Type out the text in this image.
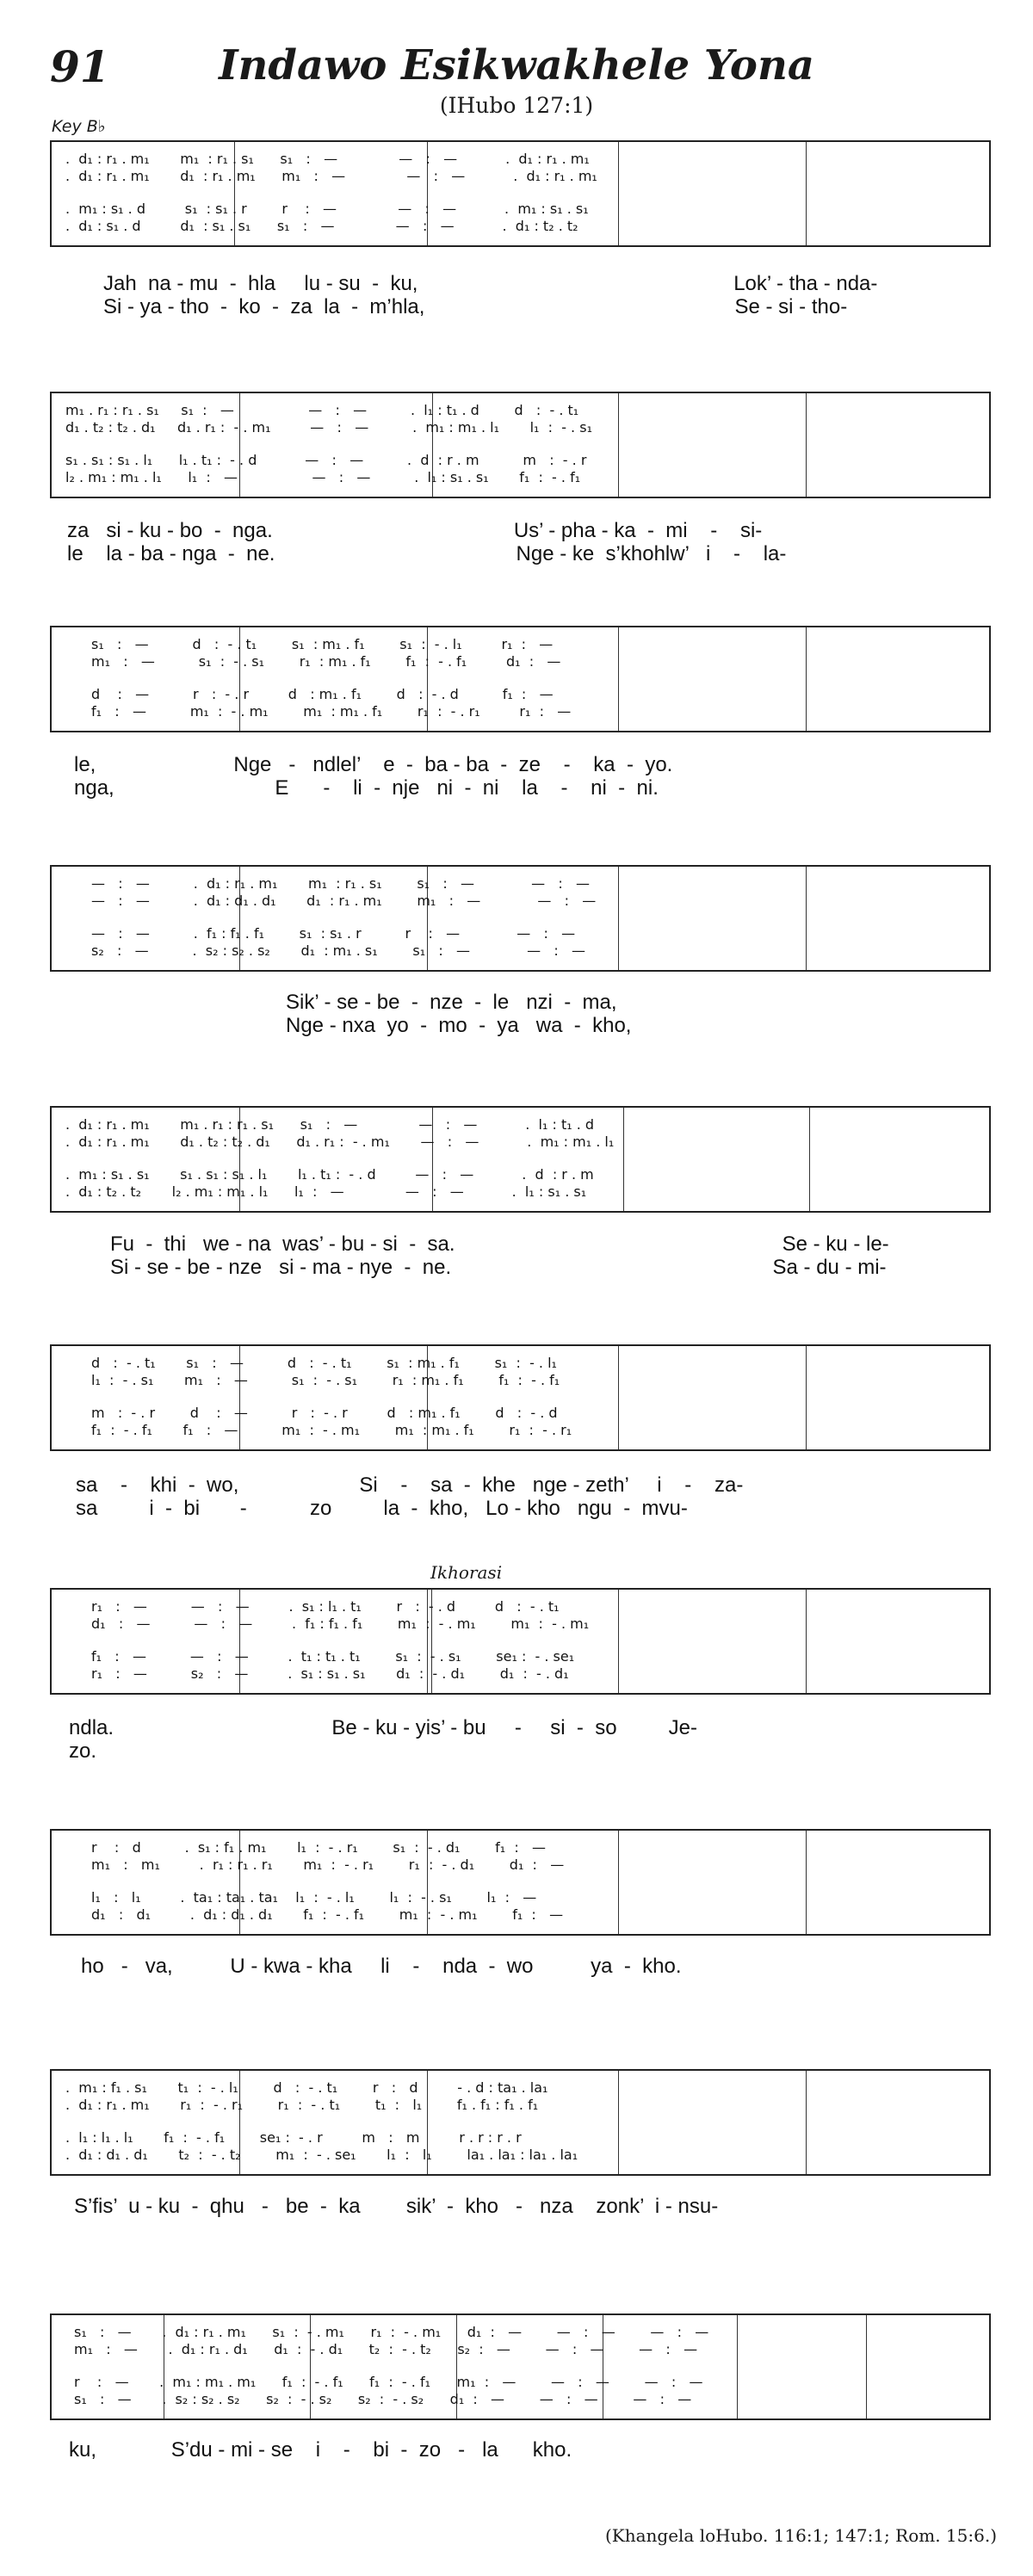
91	Indawo Esikwakhele Yona
(IHubo 127:1)
Key B♭
.  d₁ : r₁ . m₁       m₁  : r₁ . s₁      s₁   :   —              —   :   —           .  d₁ : r₁ . m₁
.  d₁ : r₁ . m₁       d₁  : r₁ . m₁      m₁   :   —              —   :   —           .  d₁ : r₁ . m₁
.  m₁ : s₁ . d         s₁  : s₁ . r        r    :   —              —   :   —           .  m₁ : s₁ . s₁
.  d₁ : s₁ . d         d₁  : s₁ . s₁      s₁   :   —              —   :   —           .  d₁ : t₂ . t₂
Jah  na - mu  -  hla     lu - su  -  ku,                                                       Lok’ - tha - nda-
Si - ya - tho  -  ko  -  za  la  -  m’hla,                                                      Se - si - tho-
m₁ . r₁ : r₁ . s₁     s₁  :   —                 —   :   —          .  l₁ : t₁ . d        d   :  - . t₁
d₁ . t₂ : t₂ . d₁     d₁ . r₁ :  - . m₁         —   :   —          .  m₁ : m₁ . l₁       l₁  :  - . s₁
s₁ . s₁ : s₁ . l₁      l₁ . t₁ :  - . d           —   :   —          .  d  : r . m          m   :  - . r
l₂ . m₁ : m₁ . l₁      l₁  :   —                 —   :   —          .  l₁ : s₁ . s₁       f₁  :  - . f₁
za   si - ku - bo  -  nga.                                          Us’ - pha - ka  -  mi    -    si-
le    la - ba - nga  -  ne.                                          Nge - ke  s’khohlw’   i    -    la-
s₁   :   —          d   :  - . t₁        s₁  : m₁ . f₁        s₁  :  - . l₁         r₁  :   —
m₁   :   —          s₁  :  - . s₁        r₁  : m₁ . f₁        f₁  :  - . f₁         d₁  :   —
d    :   —          r   :  - . r         d   : m₁ . f₁        d   :  - . d          f₁  :   —
f₁   :   —          m₁  :  - . m₁        m₁  : m₁ . f₁        r₁  :  - . r₁         r₁  :   —
le,                        Nge   -   ndlel’    e  -  ba - ba  -  ze    -    ka  -  yo.
nga,                            E      -    li  -  nje   ni  -  ni    la    -    ni  -  ni.
—   :   —          .  d₁ : r₁ . m₁       m₁  : r₁ . s₁        s₁   :   —             —   :   —
—   :   —          .  d₁ : d₁ . d₁       d₁  : r₁ . m₁        m₁   :   —             —   :   —
—   :   —          .  f₁ : f₁ . f₁        s₁  : s₁ . r          r    :   —             —   :   —
s₂   :   —          .  s₂ : s₂ . s₂       d₁  : m₁ . s₁        s₁   :   —             —   :   —
Sik’ - se - be  -  nze  -  le   nzi  -  ma,
Nge - nxa  yo  -  mo  -  ya   wa  -  kho,
.  d₁ : r₁ . m₁       m₁ . r₁ : r₁ . s₁      s₁   :   —              —   :   —           .  l₁ : t₁ . d
.  d₁ : r₁ . m₁       d₁ . t₂ : t₂ . d₁      d₁ . r₁ :  - . m₁       —   :   —           .  m₁ : m₁ . l₁
.  m₁ : s₁ . s₁       s₁ . s₁ : s₁ . l₁       l₁ . t₁ :  - . d         —   :   —           .  d  : r . m
.  d₁ : t₂ . t₂       l₂ . m₁ : m₁ . l₁      l₁  :   —              —   :   —           .  l₁ : s₁ . s₁
Fu  -  thi   we - na  was’ - bu - si  -  sa.                                                         Se - ku - le-
Si - se - be - nze   si - ma - nye  -  ne.                                                        Sa - du - mi-
d   :  - . t₁       s₁   :   —          d   :  - . t₁        s₁  : m₁ . f₁        s₁  :  - . l₁
l₁  :  - . s₁       m₁   :   —          s₁  :  - . s₁        r₁  : m₁ . f₁        f₁  :  - . f₁
m   :  - . r        d    :   —          r   :  - . r         d   : m₁ . f₁        d   :  - . d
f₁  :  - . f₁       f₁   :   —          m₁  :  - . m₁        m₁  : m₁ . f₁        r₁  :  - . r₁
sa    -    khi  -  wo,                     Si    -    sa  -  khe   nge - zeth’     i    -    za-
sa         i  -  bi       -           zo         la  -  kho,   Lo - kho   ngu  -  mvu-
Ikhorasi
r₁   :   —          —   :   —         .  s₁ : l₁ . t₁        r   :  - . d         d   :  - . t₁
d₁   :   —          —   :   —         .  f₁ : f₁ . f₁        m₁  :  - . m₁        m₁  :  - . m₁
f₁   :   —          —   :   —         .  t₁ : t₁ . t₁        s₁  :  - . s₁        se₁ :  - . se₁
r₁   :   —          s₂   :   —         .  s₁ : s₁ . s₁       d₁  :  - . d₁        d₁  :  - . d₁
ndla.                                      Be - ku - yis’ - bu     -     si  -  so         Je-
zo.
r    :   d          .  s₁ : f₁ . m₁       l₁  :  - . r₁        s₁  :  - . d₁        f₁  :   —
m₁   :   m₁         .  r₁ : r₁ . r₁       m₁  :  - . r₁        r₁  :  - . d₁        d₁  :   —
l₁   :   l₁         .  ta₁ : ta₁ . ta₁    l₁  :  - . l₁        l₁  :  - . s₁        l₁  :   —
d₁   :   d₁         .  d₁ : d₁ . d₁       f₁  :  - . f₁        m₁  :  - . m₁        f₁  :   —
ho   -   va,          U - kwa - kha     li    -    nda  -  wo          ya  -  kho.
.  m₁ : f₁ . s₁       t₁  :  - . l₁        d   :  - . t₁        r   :   d         - . d : ta₁ . la₁
.  d₁ : r₁ . m₁       r₁  :  - . r₁        r₁  :  - . t₁        t₁  :   l₁        f₁ . f₁ : f₁ . f₁
.  l₁ : l₁ . l₁       f₁  :  - . f₁        se₁ :  - . r         m   :   m         r . r : r . r
.  d₁ : d₁ . d₁       t₂  :  - . t₂        m₁  :  - . se₁       l₁  :   l₁        la₁ . la₁ : la₁ . la₁
S’fis’  u - ku  -  qhu   -   be  -  ka        sik’  -  kho   -   nza    zonk’  i - nsu-
s₁   :   —       .  d₁ : r₁ . m₁      s₁  :  - . m₁      r₁  :  - . m₁      d₁  :   —        —   :   —        —   :   —
m₁   :   —       .  d₁ : r₁ . d₁      d₁  :  - . d₁      t₂  :  - . t₂      s₂  :   —        —   :   —        —   :   —
r    :   —       .  m₁ : m₁ . m₁      f₁  :  - . f₁      f₁  :  - . f₁      m₁  :   —        —   :   —        —   :   —
s₁   :   —       .  s₂ : s₂ . s₂      s₂  :  - . s₂      s₂  :  - . s₂      d₁  :   —        —   :   —        —   :   —
ku,             S’du - mi - se    i    -    bi  -  zo   -   la      kho.
(Khangela loHubo. 116:1; 147:1; Rom. 15:6.)
